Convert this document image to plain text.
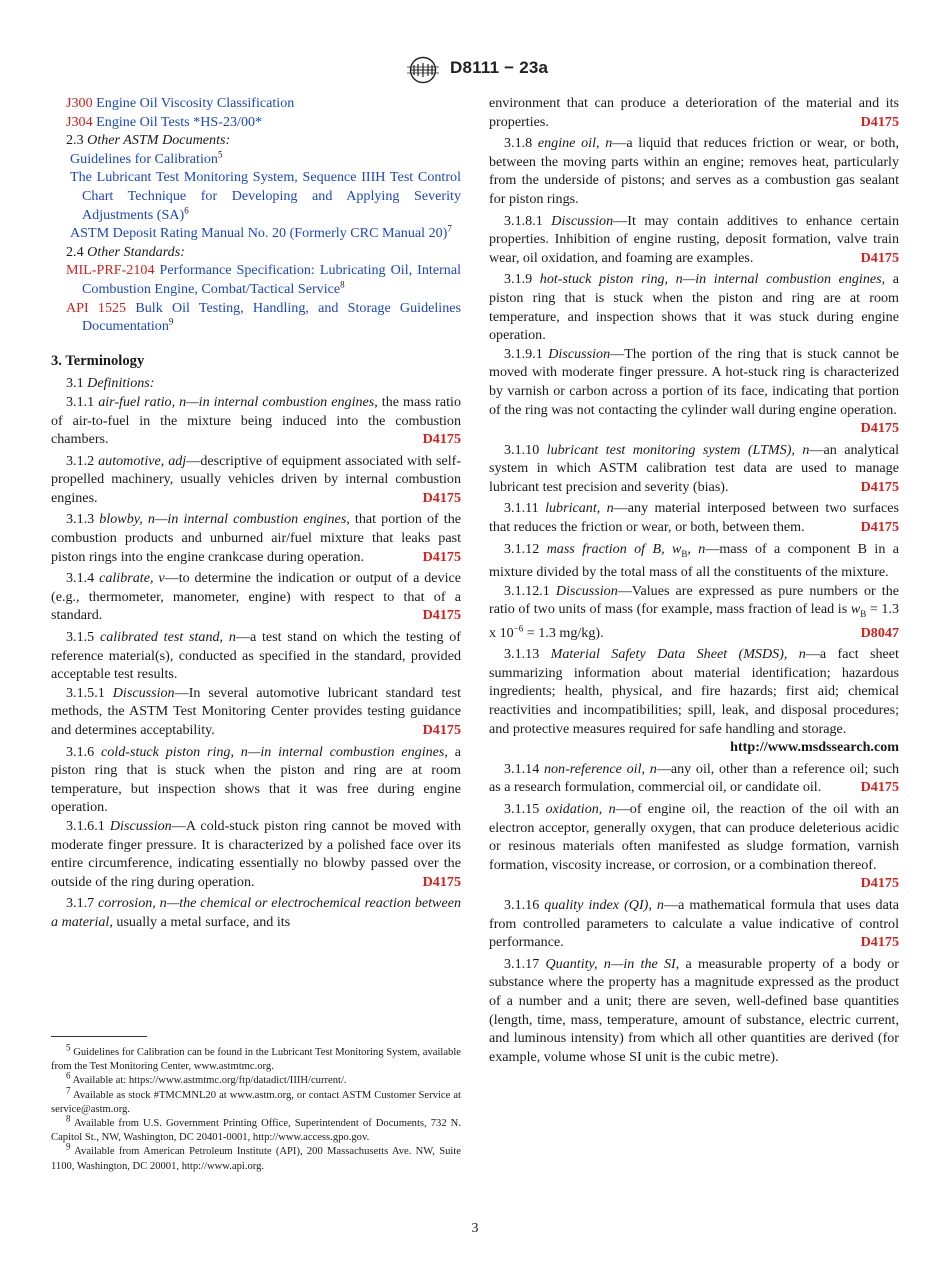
D8111 − 23a

J300 Engine Oil Viscosity Classification

J304 Engine Oil Tests *HS-23/00*

2.3 Other ASTM Documents:

Guidelines for Calibration$^5$

The Lubricant Test Monitoring System, Sequence IIIH Test Control Chart Technique for Developing and Applying Severity Adjustments (SA)$^6$

ASTM Deposit Rating Manual No. 20 (Formerly CRC Manual 20)$^7$

2.4 Other Standards:

MIL-PRF-2104 Performance Specification: Lubricating Oil, Internal Combustion Engine, Combat/Tactical Service$^8$

API 1525 Bulk Oil Testing, Handling, and Storage Guidelines Documentation$^9$

3. Terminology

3.1 Definitions:

3.1.1 air-fuel ratio, n—in internal combustion engines, the mass ratio of air-to-fuel in the mixture being induced into the combustion chambers.	D4175

3.1.2 automotive, adj—descriptive of equipment associated with self-propelled machinery, usually vehicles driven by internal combustion engines.	D4175

3.1.3 blowby, n—in internal combustion engines, that portion of the combustion products and unburned air/fuel mixture that leaks past piston rings into the engine crankcase during operation.	D4175

3.1.4 calibrate, v—to determine the indication or output of a device (e.g., thermometer, manometer, engine) with respect to that of a standard.	D4175

3.1.5 calibrated test stand, n—a test stand on which the testing of reference material(s), conducted as specified in the standard, provided acceptable test results.

3.1.5.1 Discussion—In several automotive lubricant standard test methods, the ASTM Test Monitoring Center provides testing guidance and determines acceptability.	D4175

3.1.6 cold-stuck piston ring, n—in internal combustion engines, a piston ring that is stuck when the piston and ring are at room temperature, but inspection shows that it was free during engine operation.

3.1.6.1 Discussion—A cold-stuck piston ring cannot be moved with moderate finger pressure. It is characterized by a polished face over its entire circumference, indicating essentially no blowby passed over the outside of the ring during operation.	D4175

3.1.7 corrosion, n—the chemical or electrochemical reaction between a material, usually a metal surface, and its

environment that can produce a deterioration of the material and its properties.	D4175

3.1.8 engine oil, n—a liquid that reduces friction or wear, or both, between the moving parts within an engine; removes heat, particularly from the underside of pistons; and serves as a combustion gas sealant for piston rings.

3.1.8.1 Discussion—It may contain additives to enhance certain properties. Inhibition of engine rusting, deposit formation, valve train wear, oil oxidation, and foaming are examples.	D4175

3.1.9 hot-stuck piston ring, n—in internal combustion engines, a piston ring that is stuck when the piston and ring are at room temperature, and inspection shows that it was stuck during engine operation.

3.1.9.1 Discussion—The portion of the ring that is stuck cannot be moved with moderate finger pressure. A hot-stuck ring is characterized by varnish or carbon across a portion of its face, indicating that portion of the ring was not contacting the cylinder wall during engine operation.
D4175

3.1.10 lubricant test monitoring system (LTMS), n—an analytical system in which ASTM calibration test data are used to manage lubricant test precision and severity (bias).	D4175

3.1.11 lubricant, n—any material interposed between two surfaces that reduces the friction or wear, or both, between them.	D4175

3.1.12 mass fraction of B, $w_B$, n—mass of a component B in a mixture divided by the total mass of all the constituents of the mixture.

3.1.12.1 Discussion—Values are expressed as pure numbers or the ratio of two units of mass (for example, mass fraction of lead is $w_B = 1.3$ x $10^{-6} = 1.3$ mg/kg).	D8047

3.1.13 Material Safety Data Sheet (MSDS), n—a fact sheet summarizing information about material identification; hazardous ingredients; health, physical, and fire hazards; first aid; chemical reactivities and incompatibilities; spill, leak, and disposal procedures; and protective measures required for safe handling and storage.
http://www.msdssearch.com

3.1.14 non-reference oil, n—any oil, other than a reference oil; such as a research formulation, commercial oil, or candidate oil.	D4175

3.1.15 oxidation, n—of engine oil, the reaction of the oil with an electron acceptor, generally oxygen, that can produce deleterious acidic or resinous materials often manifested as sludge formation, varnish formation, viscosity increase, or corrosion, or a combination thereof.
D4175

3.1.16 quality index (QI), n—a mathematical formula that uses data from controlled parameters to calculate a value indicative of control performance.	D4175

3.1.17 Quantity, n—in the SI, a measurable property of a body or substance where the property has a magnitude expressed as the product of a number and a unit; there are seven, well-defined base quantities (length, time, mass, temperature, amount of substance, electric current, and luminous intensity) from which all other quantities are derived (for example, volume whose SI unit is the cubic metre).

$^5$ Guidelines for Calibration can be found in the Lubricant Test Monitoring System, available from the Test Monitoring Center, www.astmtmc.org.

$^6$ Available at: https://www.astmtmc.org/ftp/datadict/IIIH/current/.

$^7$ Available as stock #TMCMNL20 at www.astm.org, or contact ASTM Customer Service at service@astm.org.

$^8$ Available from U.S. Government Printing Office, Superintendent of Documents, 732 N. Capitol St., NW, Washington, DC 20401-0001, http://www.access.gpo.gov.

$^9$ Available from American Petroleum Institute (API), 200 Massachusetts Ave. NW, Suite 1100, Washington, DC 20001, http://www.api.org.

3
